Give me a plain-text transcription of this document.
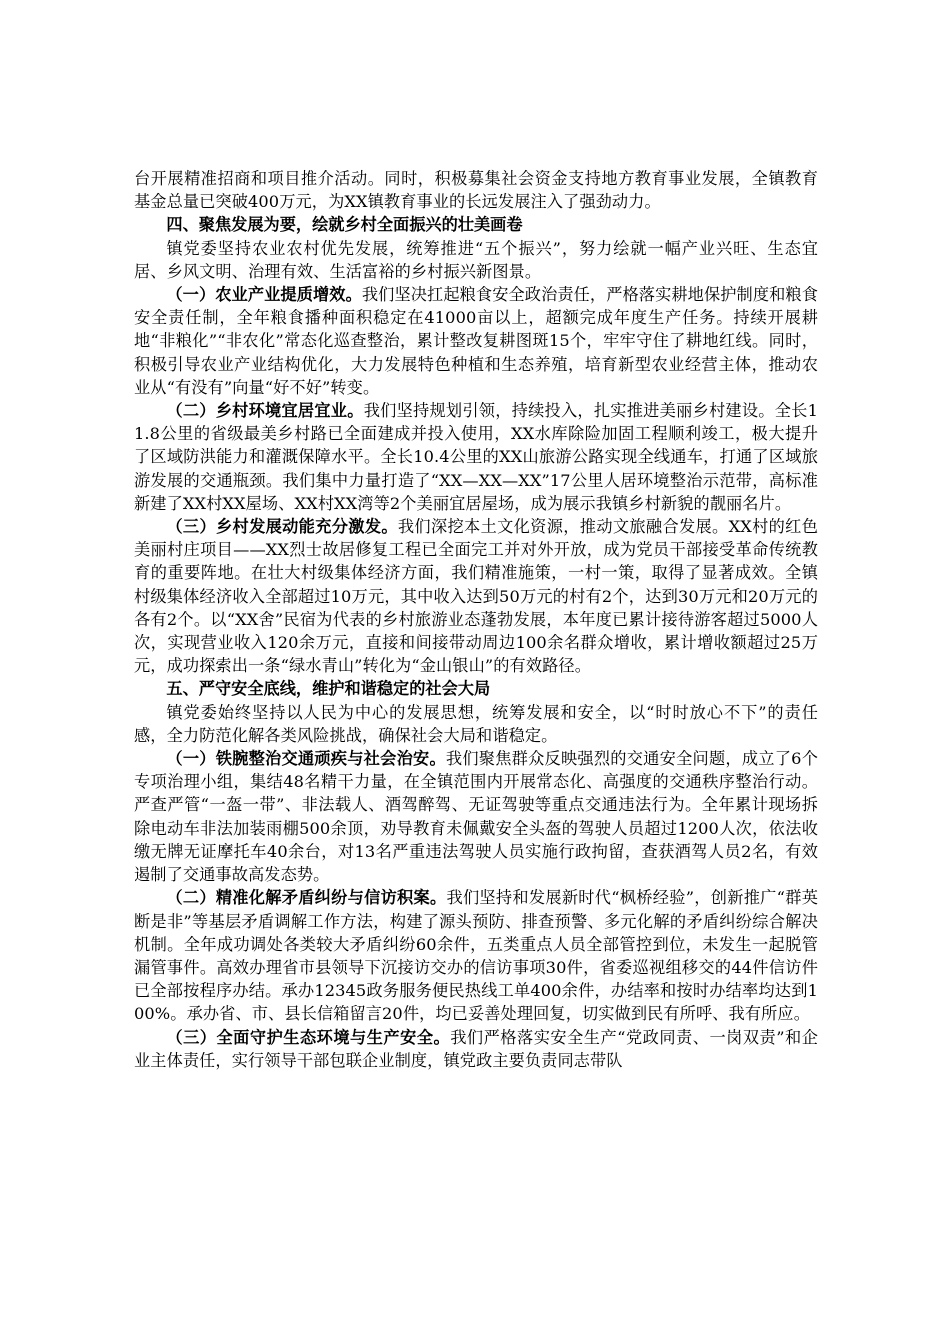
台开展精准招商和项目推介活动。同时，积极募集社会资金支持地方教育事业发展，全镇教育基金总量已突破400万元，为XX镇教育事业的长远发展注入了强劲动力。

四、聚焦发展为要，绘就乡村全面振兴的壮美画卷

镇党委坚持农业农村优先发展，统筹推进“五个振兴”，努力绘就一幅产业兴旺、生态宜居、乡风文明、治理有效、生活富裕的乡村振兴新图景。

（一）农业产业提质增效。我们坚决扛起粮食安全政治责任，严格落实耕地保护制度和粮食安全责任制，全年粮食播种面积稳定在41000亩以上，超额完成年度生产任务。持续开展耕地“非粮化”“非农化”常态化巡查整治，累计整改复耕图斑15个，牢牢守住了耕地红线。同时，积极引导农业产业结构优化，大力发展特色种植和生态养殖，培育新型农业经营主体，推动农业从“有没有”向量“好不好”转变。

（二）乡村环境宜居宜业。我们坚持规划引领，持续投入，扎实推进美丽乡村建设。全长11.8公里的省级最美乡村路已全面建成并投入使用，XX水库除险加固工程顺利竣工，极大提升了区域防洪能力和灌溉保障水平。全长10.4公里的XX山旅游公路实现全线通车，打通了区域旅游发展的交通瓶颈。我们集中力量打造了“XX—XX—XX”17公里人居环境整治示范带，高标准新建了XX村XX屋场、XX村XX湾等2个美丽宜居屋场，成为展示我镇乡村新貌的靓丽名片。

（三）乡村发展动能充分激发。我们深挖本土文化资源，推动文旅融合发展。XX村的红色美丽村庄项目——XX烈士故居修复工程已全面完工并对外开放，成为党员干部接受革命传统教育的重要阵地。在壮大村级集体经济方面，我们精准施策，一村一策，取得了显著成效。全镇村级集体经济收入全部超过10万元，其中收入达到50万元的村有2个，达到30万元和20万元的各有2个。以“XX舍”民宿为代表的乡村旅游业态蓬勃发展，本年度已累计接待游客超过5000人次，实现营业收入120余万元，直接和间接带动周边100余名群众增收，累计增收额超过25万元，成功探索出一条“绿水青山”转化为“金山银山”的有效路径。

五、严守安全底线，维护和谐稳定的社会大局

镇党委始终坚持以人民为中心的发展思想，统筹发展和安全，以“时时放心不下”的责任感，全力防范化解各类风险挑战，确保社会大局和谐稳定。

（一）铁腕整治交通顽疾与社会治安。我们聚焦群众反映强烈的交通安全问题，成立了6个专项治理小组，集结48名精干力量，在全镇范围内开展常态化、高强度的交通秩序整治行动。严查严管“一盔一带”、非法载人、酒驾醉驾、无证驾驶等重点交通违法行为。全年累计现场拆除电动车非法加装雨棚500余顶，劝导教育未佩戴安全头盔的驾驶人员超过1200人次，依法收缴无牌无证摩托车40余台，对13名严重违法驾驶人员实施行政拘留，查获酒驾人员2名，有效遏制了交通事故高发态势。

（二）精准化解矛盾纠纷与信访积案。我们坚持和发展新时代“枫桥经验”，创新推广“群英断是非”等基层矛盾调解工作方法，构建了源头预防、排查预警、多元化解的矛盾纠纷综合解决机制。全年成功调处各类较大矛盾纠纷60余件，五类重点人员全部管控到位，未发生一起脱管漏管事件。高效办理省市县领导下沉接访交办的信访事项30件，省委巡视组移交的44件信访件已全部按程序办结。承办12345政务服务便民热线工单400余件，办结率和按时办结率均达到100%。承办省、市、县长信箱留言20件，均已妥善处理回复，切实做到民有所呼、我有所应。

（三）全面守护生态环境与生产安全。我们严格落实安全生产“党政同责、一岗双责”和企业主体责任，实行领导干部包联企业制度，镇党政主要负责同志带队
